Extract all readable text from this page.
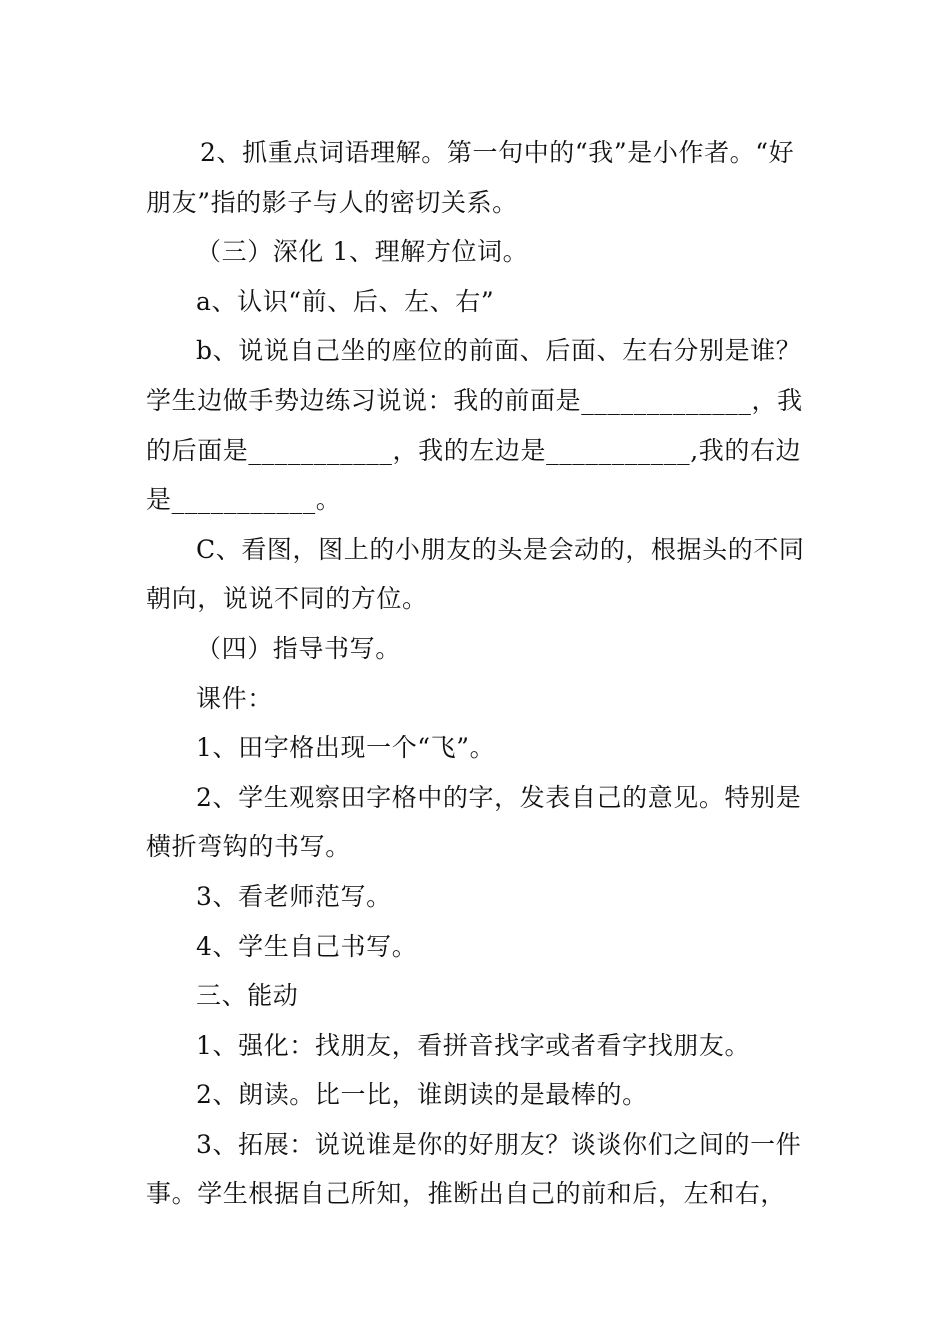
2、抓重点词语理解。第一句中的“我”是小作者。“好朋友”指的影子与人的密切关系。

（三）深化 1、理解方位词。

a、认识“前、后、左、右”

b、说说自己坐的座位的前面、后面、左右分别是谁？学生边做手势边练习说说：我的前面是_____________，我的后面是___________，我的左边是___________,我的右边是___________。

C、看图，图上的小朋友的头是会动的，根据头的不同朝向，说说不同的方位。

（四）指导书写。

课件：

1、田字格出现一个“飞”。

2、学生观察田字格中的字，发表自己的意见。特别是横折弯钩的书写。

3、看老师范写。

4、学生自己书写。

三、能动

1、强化：找朋友，看拼音找字或者看字找朋友。

2、朗读。比一比，谁朗读的是最棒的。

3、拓展：说说谁是你的好朋友？谈谈你们之间的一件事。学生根据自己所知，推断出自己的前和后，左和右，
